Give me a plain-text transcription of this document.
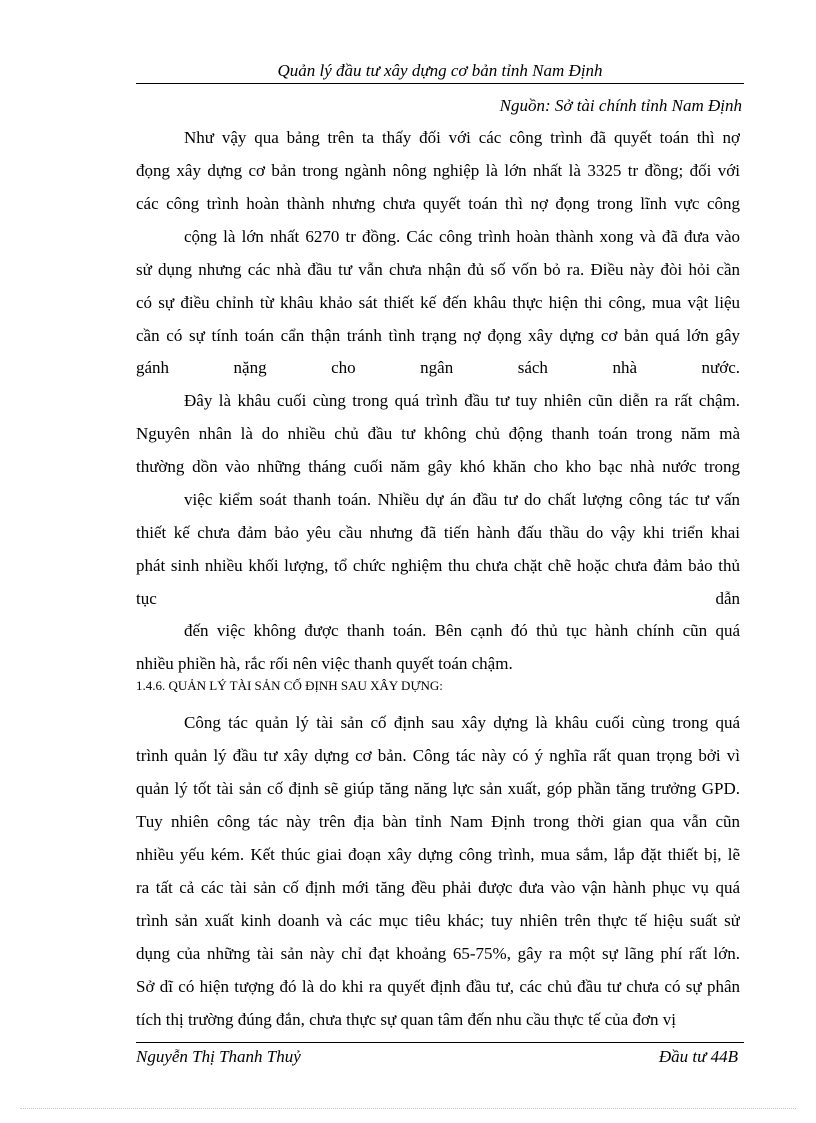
Quản lý đầu tư xây dựng cơ bản tỉnh Nam Định
Nguồn: Sở tài chính tỉnh Nam Định
Như vậy qua bảng trên ta thấy đối với các công trình đã quyết toán thì nợ
đọng xây dựng cơ bản trong ngành nông nghiệp là lớn nhất là 3325 tr đồng; đối với
các công trình hoàn thành nhưng chưa quyết toán thì nợ đọng trong lĩnh vực công
cộng là lớn nhất 6270 tr đồng. Các công trình hoàn thành xong và đã đưa vào
sử dụng nhưng các nhà đầu tư vẫn chưa nhận đủ số vốn bỏ ra. Điều này đòi hỏi cần
có sự điều chỉnh từ khâu khảo sát thiết kế đến khâu thực hiện thi công, mua vật liệu
cần có sự tính toán cẩn thận tránh tình trạng nợ đọng xây dựng cơ bản quá lớn gây
gánh nặng cho ngân sách nhà nước.
Đây là khâu cuối cùng trong quá trình đầu tư tuy nhiên cũn diễn ra rất chậm.
Nguyên nhân là do nhiều chủ đầu tư không chủ động thanh toán trong năm mà
thường dồn vào những tháng cuối năm gây khó khăn cho kho bạc nhà nước trong
việc kiểm soát thanh toán. Nhiều dự án đầu tư do chất lượng công tác tư vấn
thiết kế chưa đảm bảo yêu cầu nhưng đã tiến hành đấu thầu do vậy khi triển khai
phát sinh nhiều khối lượng, tổ chức nghiệm thu chưa chặt chẽ hoặc chưa đảm bảo thủ
tục dẫn
đến việc không được thanh toán. Bên cạnh đó thủ tục hành chính cũn quá
nhiều phiền hà, rắc rối nên việc thanh quyết toán chậm.
1.4.6. QUẢN LÝ TÀI SẢN CỐ ĐỊNH SAU XÂY DỰNG:
Công tác quản lý tài sản cố định sau xây dựng là khâu cuối cùng trong quá
trình quản lý đầu tư xây dựng cơ bản. Công tác này có ý nghĩa rất quan trọng bởi vì
quản lý tốt tài sản cố định sẽ giúp tăng năng lực sản xuất, góp phần tăng trưởng GPD.
Tuy nhiên công tác này trên địa bàn tỉnh Nam Định trong thời gian qua vẫn cũn
nhiều yếu kém. Kết thúc giai đoạn xây dựng công trình, mua sắm, lắp đặt thiết bị, lẽ
ra tất cả các tài sản cố định mới tăng đều phải được đưa vào vận hành phục vụ quá
trình sản xuất kinh doanh và các mục tiêu khác; tuy nhiên trên thực tế hiệu suất sử
dụng của những tài sản này chỉ đạt khoảng 65-75%, gây ra một sự lãng phí rất lớn.
Sở dĩ có hiện tượng đó là do khi ra quyết định đầu tư, các chủ đầu tư chưa có sự phân
tích thị trường đúng đắn, chưa thực sự quan tâm đến nhu cầu thực tế của đơn vị
Nguyễn Thị Thanh Thuỷ	Đầu tư 44B
